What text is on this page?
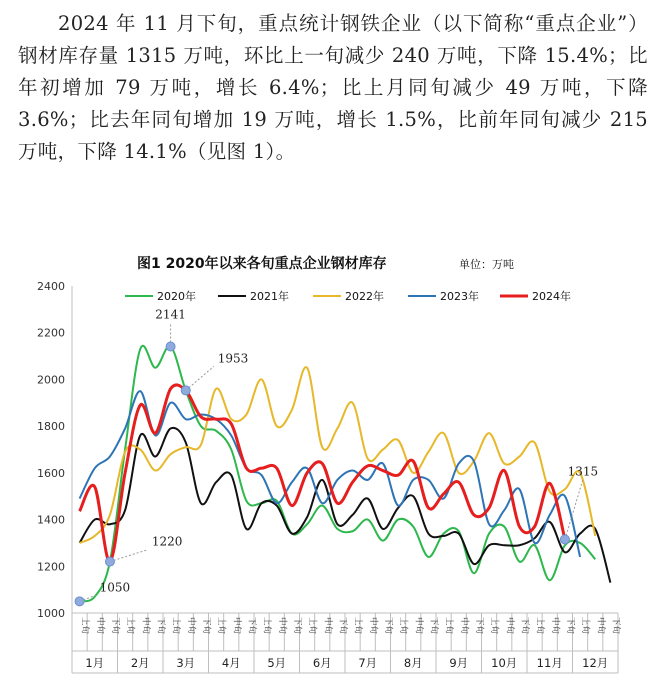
2024 年 11 月下旬，重点统计钢铁企业（以下简称“重点企业”）钢材库存量 1315 万吨，环比上一旬减少 240 万吨，下降 15.4%；比年初增加 79 万吨，增长 6.4%；比上月同旬减少 49 万吨，下降 3.6%；比去年同旬增加 19 万吨，增长 1.5%，比前年同旬减少 215 万吨，下降 14.1%（见图 1）。

图1 2020年以来各旬重点企业钢材库存	单位：万吨
2020年	2021年	2022年	2023年	2024年
1000
1200
1400
1600
1800
2000
2200
2400
1050
1220
2141
1953
1315
上旬 中旬 下旬 上旬 中旬 下旬 上旬 中旬 下旬 上旬 中旬 下旬 上旬 中旬 下旬 上旬 中旬 下旬 上旬 中旬 下旬 上旬 中旬 下旬 上旬 中旬 下旬 上旬 中旬 下旬 上旬 中旬 下旬 上旬 中旬 下旬
1月 2月 3月 4月 5月 6月 7月 8月 9月 10月 11月 12月
